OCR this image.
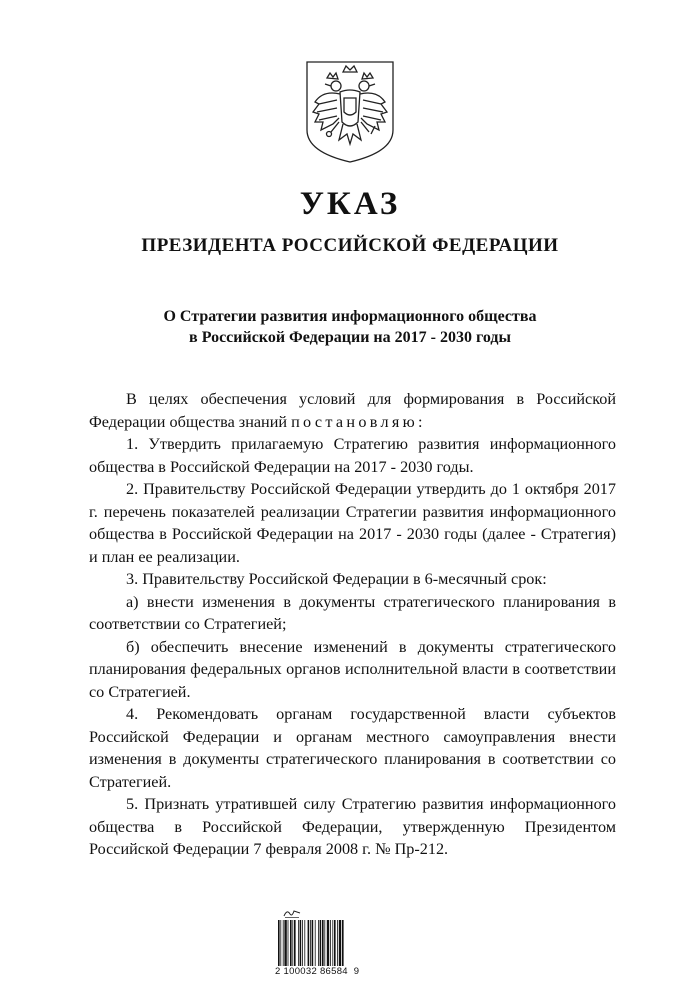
УКАЗ
ПРЕЗИДЕНТА РОССИЙСКОЙ ФЕДЕРАЦИИ
О Стратегии развития информационного общества
в Российской Федерации на 2017 - 2030 годы

В целях обеспечения условий для формирования в Российской Федерации общества знаний постановляю:

1. Утвердить прилагаемую Стратегию развития информационного общества в Российской Федерации на 2017 - 2030 годы.

2. Правительству Российской Федерации утвердить до 1 октября 2017 г. перечень показателей реализации Стратегии развития информационного общества в Российской Федерации на 2017 - 2030 годы (далее - Стратегия) и план ее реализации.

3. Правительству Российской Федерации в 6-месячный срок:

а) внести изменения в документы стратегического планирования в соответствии со Стратегией;

б) обеспечить внесение изменений в документы стратегического планирования федеральных органов исполнительной власти в соответствии со Стратегией.

4. Рекомендовать органам государственной власти субъектов Российской Федерации и органам местного самоуправления внести изменения в документы стратегического планирования в соответствии со Стратегией.

5. Признать утратившей силу Стратегию развития информационного общества в Российской Федерации, утвержденную Президентом Российской Федерации 7 февраля 2008 г. № Пр-212.

2 100032 86584  9
